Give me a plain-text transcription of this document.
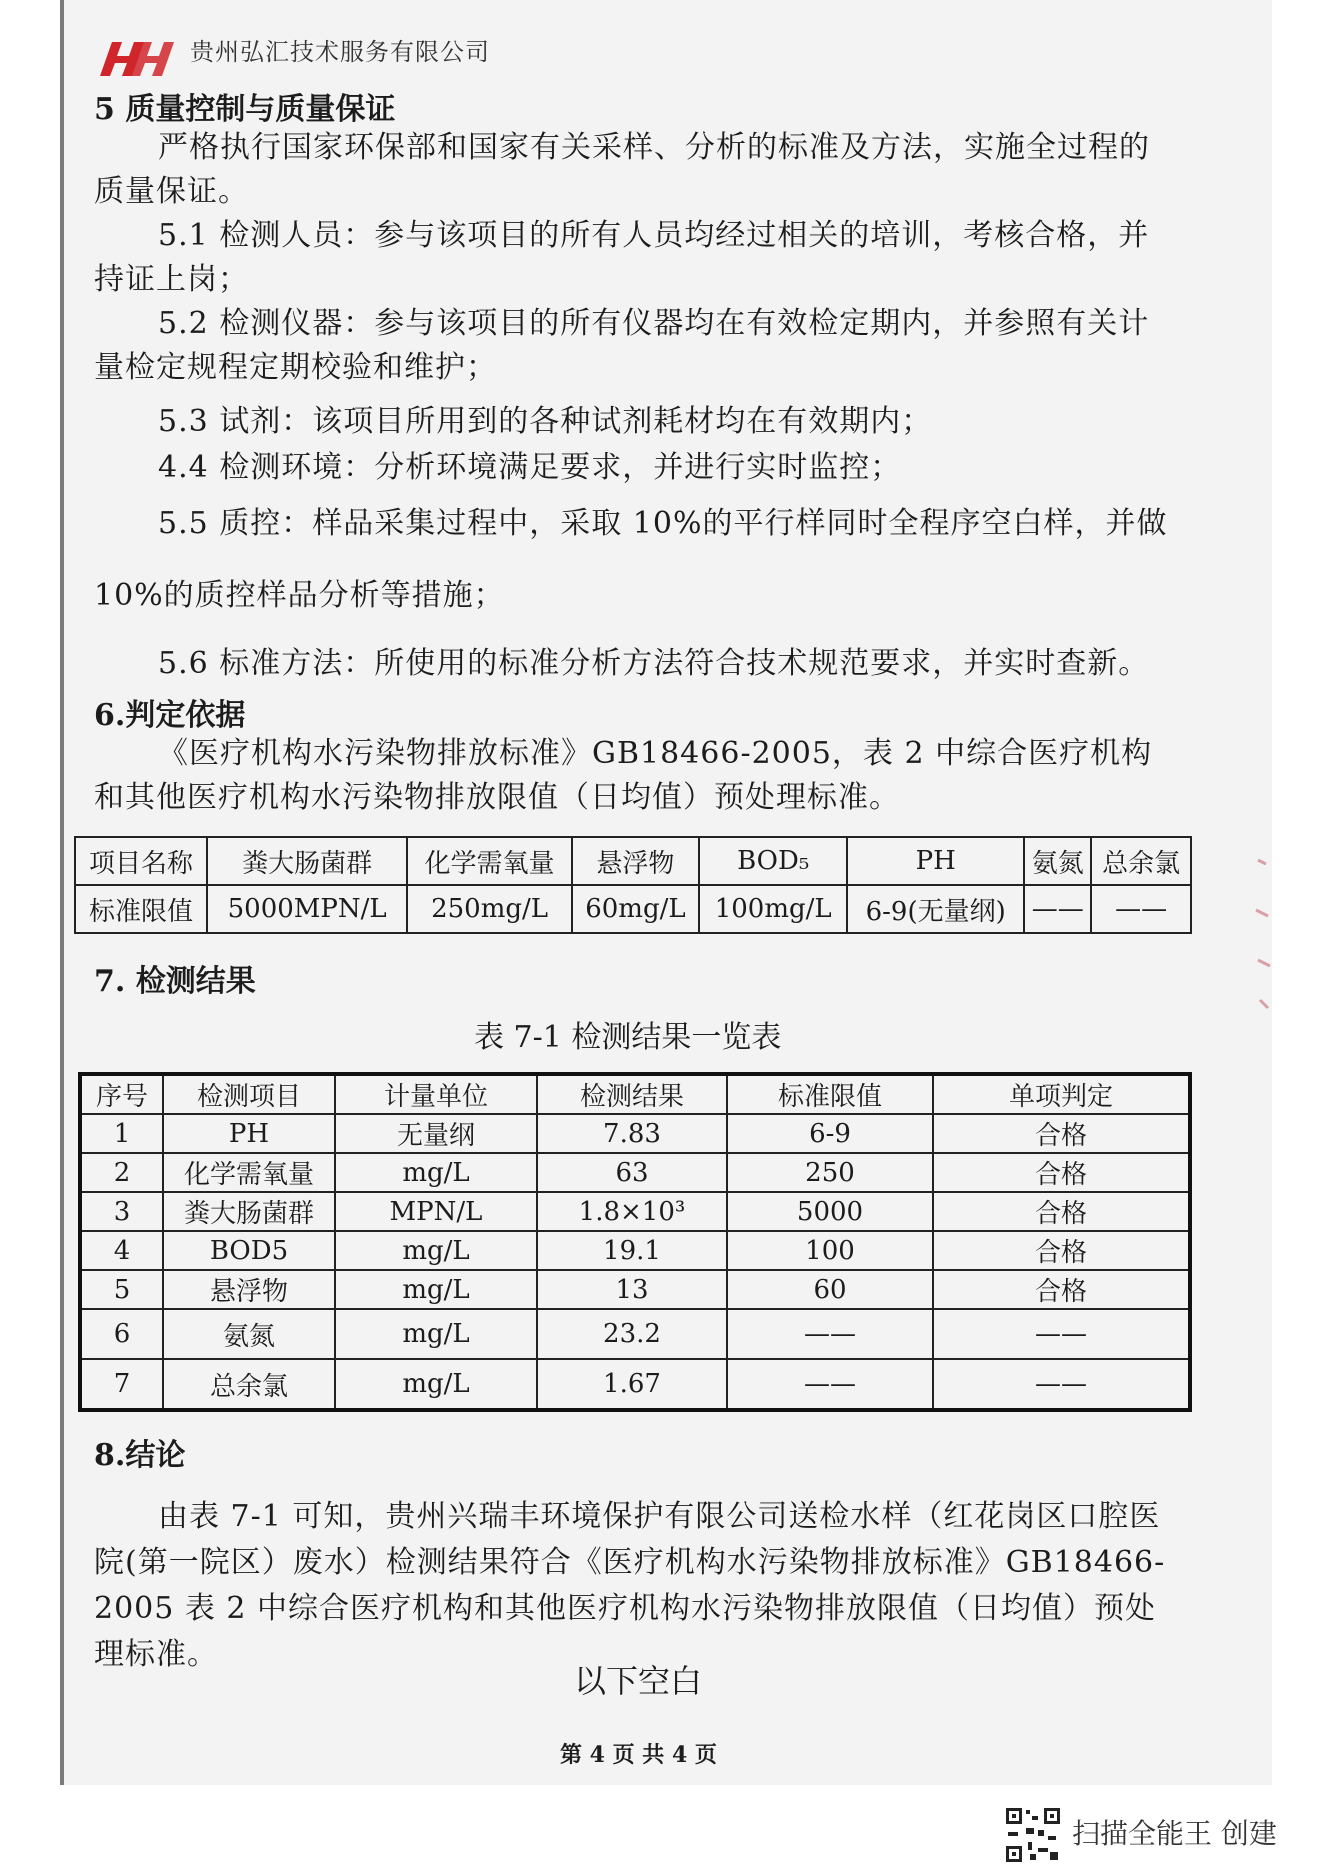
贵州弘汇技术服务有限公司
5 质量控制与质量保证
严格执行国家环保部和国家有关采样、分析的标准及方法，实施全过程的质量保证。
5.1 检测人员：参与该项目的所有人员均经过相关的培训，考核合格，并持证上岗；
5.2 检测仪器：参与该项目的所有仪器均在有效检定期内，并参照有关计量检定规程定期校验和维护；
5.3 试剂：该项目所用到的各种试剂耗材均在有效期内；
4.4 检测环境：分析环境满足要求，并进行实时监控；
5.5 质控：样品采集过程中，采取 10%的平行样同时全程序空白样，并做
10%的质控样品分析等措施；
5.6 标准方法：所使用的标准分析方法符合技术规范要求，并实时查新。
6.判定依据
《医疗机构水污染物排放标准》GB18466-2005，表 2 中综合医疗机构和其他医疗机构水污染物排放限值（日均值）预处理标准。
项目名称	粪大肠菌群	化学需氧量	悬浮物	BOD₅	PH	氨氮	总余氯
标准限值	5000MPN/L	250mg/L	60mg/L	100mg/L	6-9(无量纲)	——	——
7. 检测结果
表 7-1 检测结果一览表
序号	检测项目	计量单位	检测结果	标准限值	单项判定
1	PH	无量纲	7.83	6-9	合格
2	化学需氧量	mg/L	63	250	合格
3	粪大肠菌群	MPN/L	1.8×10³	5000	合格
4	BOD5	mg/L	19.1	100	合格
5	悬浮物	mg/L	13	60	合格
6	氨氮	mg/L	23.2	——	——
7	总余氯	mg/L	1.67	——	——
8.结论
由表 7-1 可知，贵州兴瑞丰环境保护有限公司送检水样（红花岗区口腔医院(第一院区）废水）检测结果符合《医疗机构水污染物排放标准》GB18466-2005 表 2 中综合医疗机构和其他医疗机构水污染物排放限值（日均值）预处理标准。
以下空白
第 4 页 共 4 页
扫描全能王 创建
